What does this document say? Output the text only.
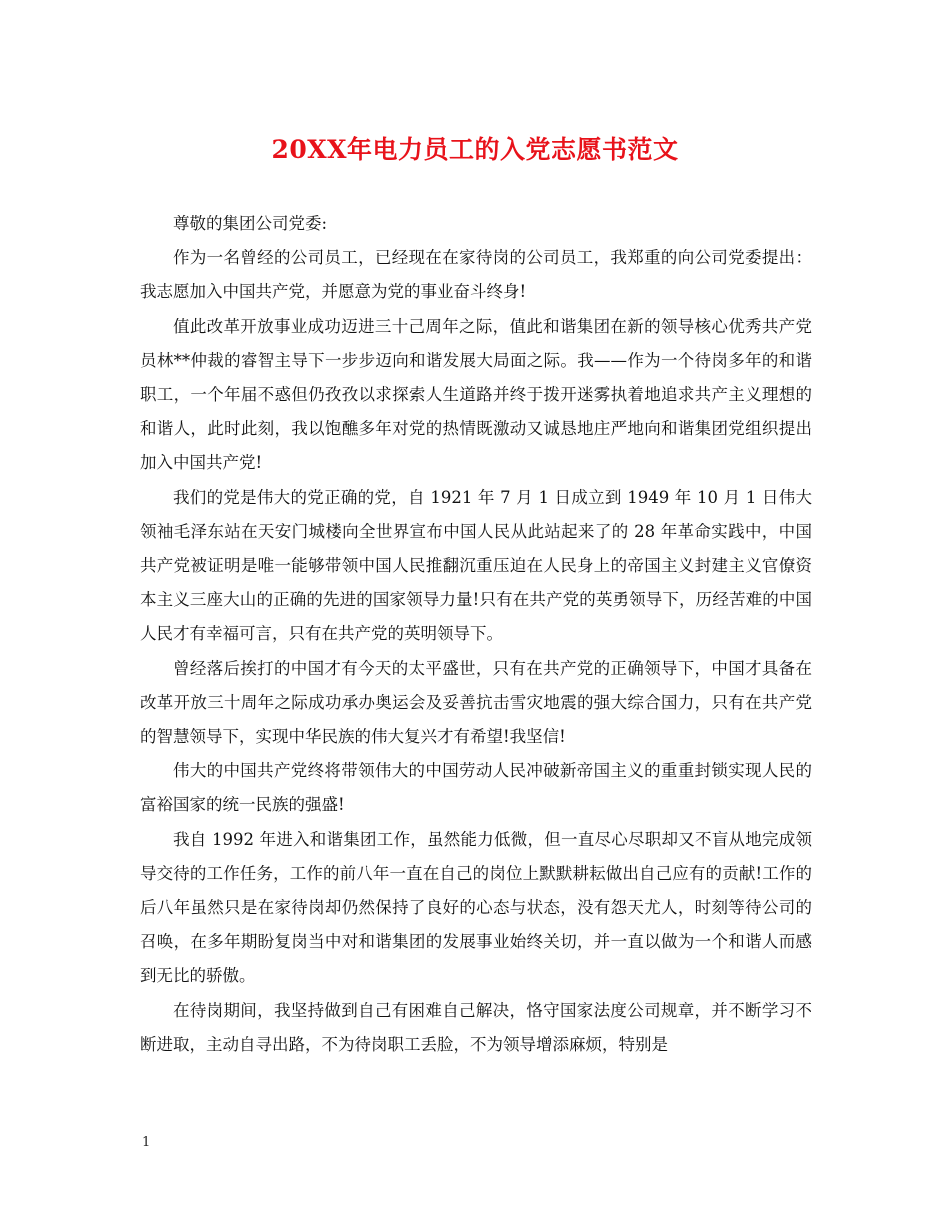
20XX年电力员工的入党志愿书范文

尊敬的集团公司党委:

作为一名曾经的公司员工，已经现在在家待岗的公司员工，我郑重的向公司党委提出：我志愿加入中国共产党，并愿意为党的事业奋斗终身!

值此改革开放事业成功迈进三十己周年之际，值此和谐集团在新的领导核心优秀共产党员林**仲裁的睿智主导下一步步迈向和谐发展大局面之际。我——作为一个待岗多年的和谐职工，一个年届不惑但仍孜孜以求探索人生道路并终于拨开迷雾执着地追求共产主义理想的和谐人，此时此刻，我以饱醮多年对党的热情既激动又诚恳地庄严地向和谐集团党组织提出加入中国共产党!

我们的党是伟大的党正确的党，自 1921 年 7 月 1 日成立到 1949 年 10 月 1 日伟大领袖毛泽东站在天安门城楼向全世界宣布中国人民从此站起来了的 28 年革命实践中，中国共产党被证明是唯一能够带领中国人民推翻沉重压迫在人民身上的帝国主义封建主义官僚资本主义三座大山的正确的先进的国家领导力量!只有在共产党的英勇领导下，历经苦难的中国人民才有幸福可言，只有在共产党的英明领导下。

曾经落后挨打的中国才有今天的太平盛世，只有在共产党的正确领导下，中国才具备在改革开放三十周年之际成功承办奥运会及妥善抗击雪灾地震的强大综合国力，只有在共产党的智慧领导下，实现中华民族的伟大复兴才有希望!我坚信!

伟大的中国共产党终将带领伟大的中国劳动人民冲破新帝国主义的重重封锁实现人民的富裕国家的统一民族的强盛!

我自 1992 年进入和谐集团工作，虽然能力低微，但一直尽心尽职却又不盲从地完成领导交待的工作任务，工作的前八年一直在自己的岗位上默默耕耘做出自己应有的贡献!工作的后八年虽然只是在家待岗却仍然保持了良好的心态与状态，没有怨天尤人，时刻等待公司的召唤，在多年期盼复岗当中对和谐集团的发展事业始终关切，并一直以做为一个和谐人而感到无比的骄傲。

在待岗期间，我坚持做到自己有困难自己解决，恪守国家法度公司规章，并不断学习不断进取，主动自寻出路，不为待岗职工丢脸，不为领导增添麻烦，特别是

1
